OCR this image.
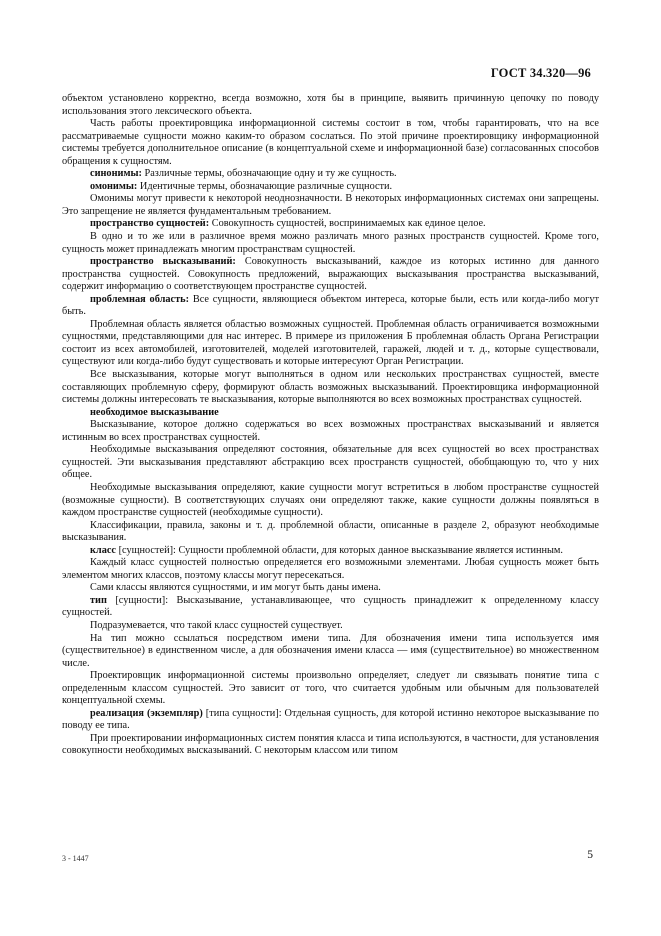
ГОСТ 34.320—96

объектом установлено корректно, всегда возможно, хотя бы в принципе, выявить причинную цепочку по поводу использования этого лексического объекта.

Часть работы проектировщика информационной системы состоит в том, чтобы гарантировать, что на все рассматриваемые сущности можно каким-то образом сослаться. По этой причине проектировщику информационной системы требуется дополнительное описание (в концептуальной схеме и информационной базе) согласованных способов обращения к сущностям.

синонимы: Различные термы, обозначающие одну и ту же сущность.

омонимы: Идентичные термы, обозначающие различные сущности.

Омонимы могут привести к некоторой неоднозначности. В некоторых информационных системах они запрещены. Это запрещение не является фундаментальным требованием.

пространство сущностей: Совокупность сущностей, воспринимаемых как единое целое.

В одно и то же или в различное время можно различать много разных пространств сущностей. Кроме того, сущность может принадлежать многим пространствам сущностей.

пространство высказываний: Совокупность высказываний, каждое из которых истинно для данного пространства сущностей. Совокупность предложений, выражающих высказывания пространства высказываний, содержит информацию о соответствующем пространстве сущностей.

проблемная область: Все сущности, являющиеся объектом интереса, которые были, есть или когда-либо могут быть.

Проблемная область является областью возможных сущностей. Проблемная область ограничивается возможными сущностями, представляющими для нас интерес. В примере из приложения Б проблемная область Органа Регистрации состоит из всех автомобилей, изготовителей, моделей изготовителей, гаражей, людей и т. д., которые существовали, существуют или когда-либо будут существовать и которые интересуют Орган Регистрации.

Все высказывания, которые могут выполняться в одном или нескольких пространствах сущностей, вместе составляющих проблемную сферу, формируют область возможных высказываний. Проектировщика информационной системы должны интересовать те высказывания, которые выполняются во всех возможных пространствах сущностей.

необходимое высказывание

Высказывание, которое должно содержаться во всех возможных пространствах высказываний и является истинным во всех пространствах сущностей.

Необходимые высказывания определяют состояния, обязательные для всех сущностей во всех пространствах сущностей. Эти высказывания представляют абстракцию всех пространств сущностей, обобщающую то, что у них общее.

Необходимые высказывания определяют, какие сущности могут встретиться в любом пространстве сущностей (возможные сущности). В соответствующих случаях они определяют также, какие сущности должны появляться в каждом пространстве сущностей (необходимые сущности).

Классификации, правила, законы и т. д. проблемной области, описанные в разделе 2, образуют необходимые высказывания.

класс [сущностей]: Сущности проблемной области, для которых данное высказывание является истинным.

Каждый класс сущностей полностью определяется его возможными элементами. Любая сущность может быть элементом многих классов, поэтому классы могут пересекаться.

Сами классы являются сущностями, и им могут быть даны имена.

тип [сущности]: Высказывание, устанавливающее, что сущность принадлежит к определенному классу сущностей.

Подразумевается, что такой класс сущностей существует.

На тип можно ссылаться посредством имени типа. Для обозначения имени типа используется имя (существительное) в единственном числе, а для обозначения имени класса — имя (существительное) во множественном числе.

Проектировщик информационной системы произвольно определяет, следует ли связывать понятие типа с определенным классом сущностей. Это зависит от того, что считается удобным или обычным для пользователей концептуальной схемы.

реализация (экземпляр) [типа сущности]: Отдельная сущность, для которой истинно некоторое высказывание по поводу ее типа.

При проектировании информационных систем понятия класса и типа используются, в частности, для установления совокупности необходимых высказываний. С некоторым классом или типом

3 - 1447	5
